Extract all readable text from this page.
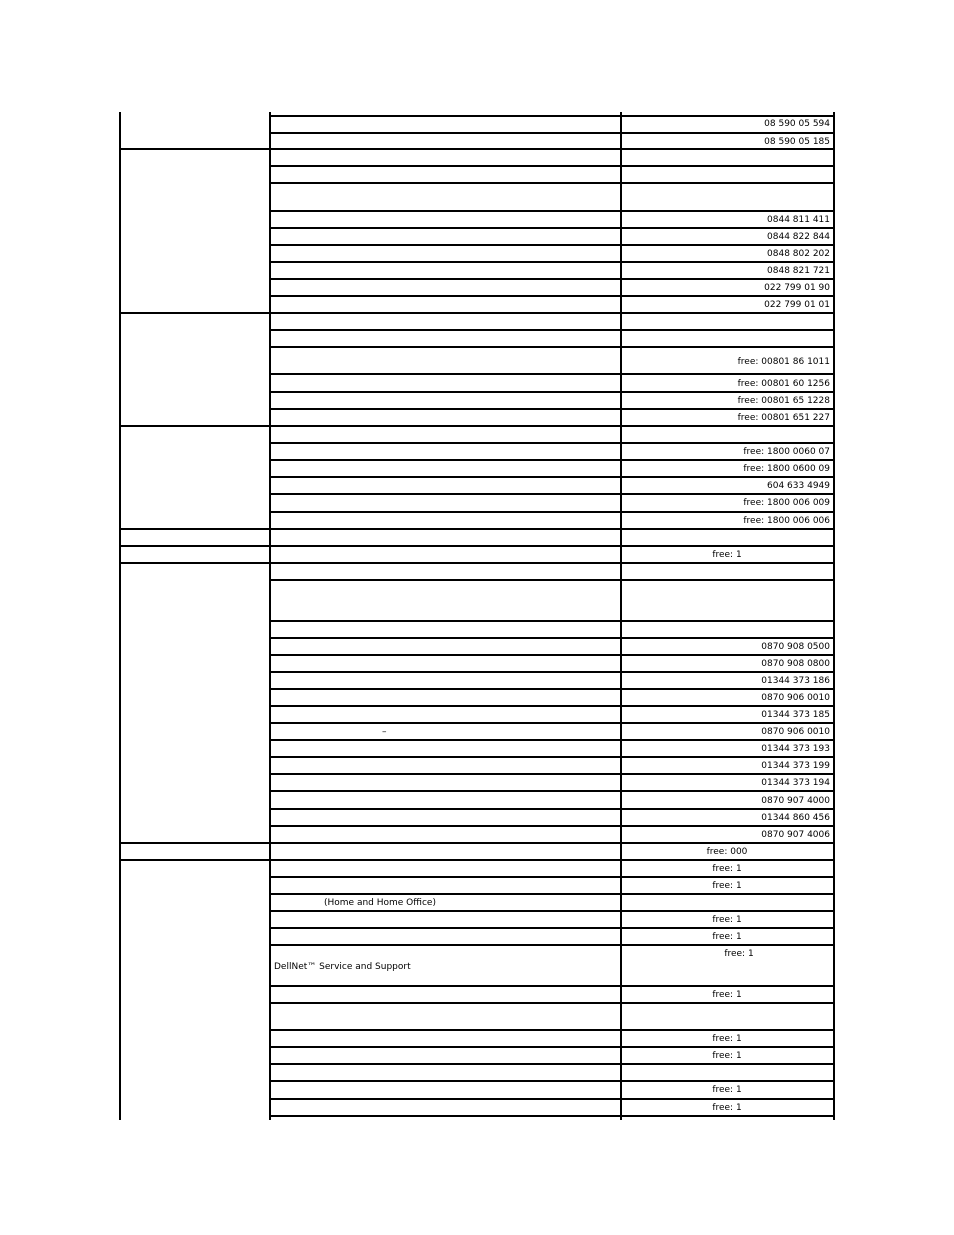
08 590 05 594
08 590 05 185
0844 811 411
0844 822 844
0848 802 202
0848 821 721
022 799 01 90
022 799 01 01
free: 00801 86 1011
free: 00801 60 1256
free: 00801 65 1228
free: 00801 651 227
free: 1800 0060 07
free: 1800 0600 09
604 633 4949
free: 1800 006 009
free: 1800 006 006
0870 908 0500
0870 908 0800
01344 373 186
0870 906 0010
01344 373 185
0870 906 0010
01344 373 193
01344 373 199
01344 373 194
0870 907 4000
01344 860 456
0870 907 4006
free: 1
free: 000
free: 1
free: 1
free: 1
free: 1
free: 1
free: 1
free: 1
free: 1
free: 1
free: 1
(Home and Home Office)
DellNet™ Service and Support
–
